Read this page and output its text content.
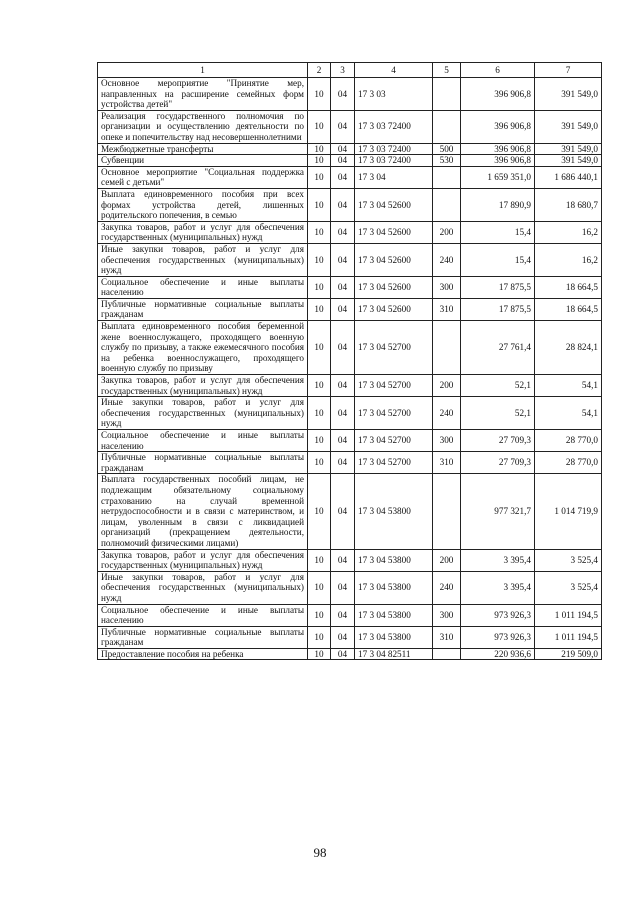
1	2	3	4	5	6	7
Основное мероприятие "Принятие мер, направленных на расширение семейных форм устройства детей"	10	04	17 3 03		396 906,8	391 549,0
Реализация государственного полномочия по организации и осуществлению деятельности по опеке и попечительству над несовершеннолетними	10	04	17 3 03 72400		396 906,8	391 549,0
Межбюджетные трансферты	10	04	17 3 03 72400	500	396 906,8	391 549,0
Субвенции	10	04	17 3 03 72400	530	396 906,8	391 549,0
Основное мероприятие "Социальная поддержка семей с детьми"	10	04	17 3 04		1 659 351,0	1 686 440,1
Выплата единовременного пособия при всех формах устройства детей, лишенных родительского попечения, в семью	10	04	17 3 04 52600		17 890,9	18 680,7
Закупка товаров, работ и услуг для обеспечения государственных (муниципальных) нужд	10	04	17 3 04 52600	200	15,4	16,2
Иные закупки товаров, работ и услуг для обеспечения государственных (муниципальных) нужд	10	04	17 3 04 52600	240	15,4	16,2
Социальное обеспечение и иные выплаты населению	10	04	17 3 04 52600	300	17 875,5	18 664,5
Публичные нормативные социальные выплаты гражданам	10	04	17 3 04 52600	310	17 875,5	18 664,5
Выплата единовременного пособия беременной жене военнослужащего, проходящего военную службу по призыву, а также ежемесячного пособия на ребенка военнослужащего, проходящего военную службу по призыву	10	04	17 3 04 52700		27 761,4	28 824,1
Закупка товаров, работ и услуг для обеспечения государственных (муниципальных) нужд	10	04	17 3 04 52700	200	52,1	54,1
Иные закупки товаров, работ и услуг для обеспечения государственных (муниципальных) нужд	10	04	17 3 04 52700	240	52,1	54,1
Социальное обеспечение и иные выплаты населению	10	04	17 3 04 52700	300	27 709,3	28 770,0
Публичные нормативные социальные выплаты гражданам	10	04	17 3 04 52700	310	27 709,3	28 770,0
Выплата государственных пособий лицам, не подлежащим обязательному социальному страхованию на случай временной нетрудоспособности и в связи с материнством, и лицам, уволенным в связи с ликвидацией организаций (прекращением деятельности, полномочий физическими лицами)	10	04	17 3 04 53800		977 321,7	1 014 719,9
Закупка товаров, работ и услуг для обеспечения государственных (муниципальных) нужд	10	04	17 3 04 53800	200	3 395,4	3 525,4
Иные закупки товаров, работ и услуг для обеспечения государственных (муниципальных) нужд	10	04	17 3 04 53800	240	3 395,4	3 525,4
Социальное обеспечение и иные выплаты населению	10	04	17 3 04 53800	300	973 926,3	1 011 194,5
Публичные нормативные социальные выплаты гражданам	10	04	17 3 04 53800	310	973 926,3	1 011 194,5
Предоставление пособия на ребенка	10	04	17 3 04 82511		220 936,6	219 509,0
98
